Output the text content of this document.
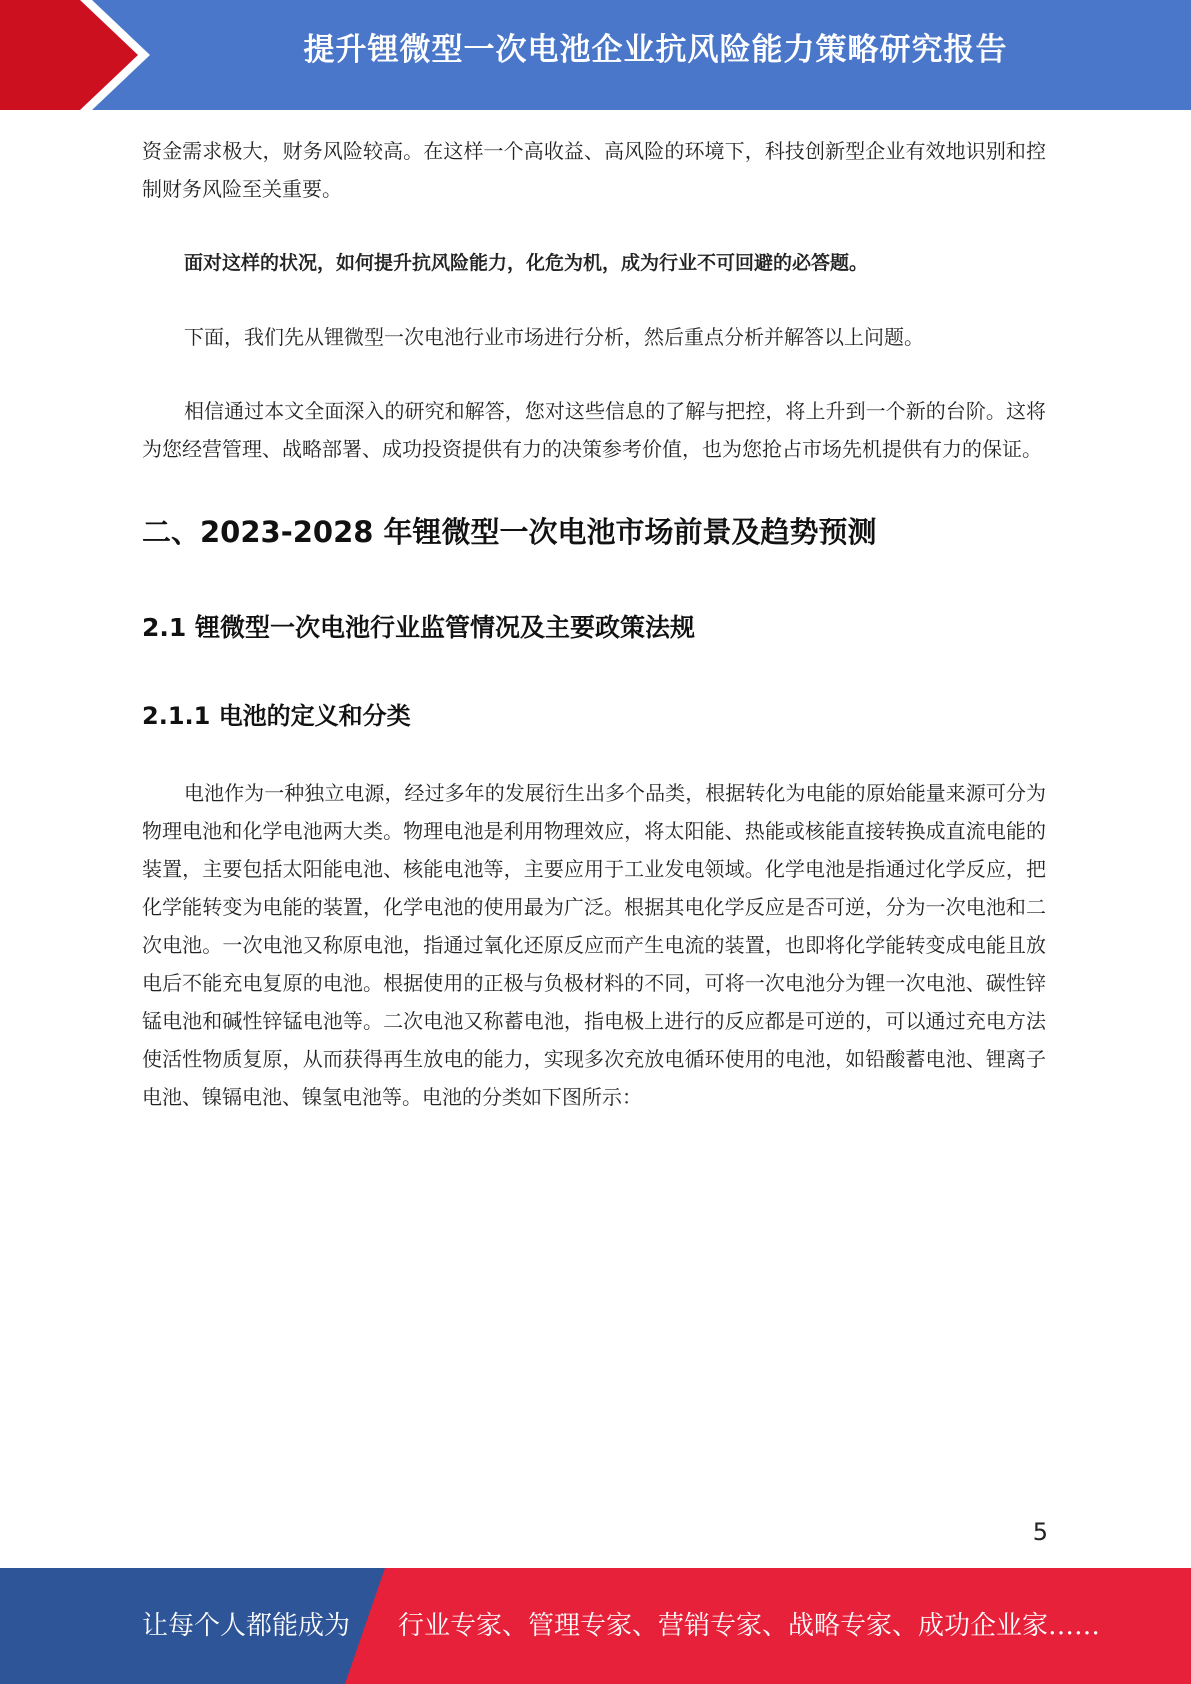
提升锂微型一次电池企业抗风险能力策略研究报告

资金需求极大，财务风险较高。在这样一个高收益、高风险的环境下，科技创新型企业有效地识别和控制财务风险至关重要。

面对这样的状况，如何提升抗风险能力，化危为机，成为行业不可回避的必答题。

下面，我们先从锂微型一次电池行业市场进行分析，然后重点分析并解答以上问题。

相信通过本文全面深入的研究和解答，您对这些信息的了解与把控，将上升到一个新的台阶。这将为您经营管理、战略部署、成功投资提供有力的决策参考价值，也为您抢占市场先机提供有力的保证。

二、2023-2028 年锂微型一次电池市场前景及趋势预测
2.1 锂微型一次电池行业监管情况及主要政策法规
2.1.1 电池的定义和分类

电池作为一种独立电源，经过多年的发展衍生出多个品类，根据转化为电能的原始能量来源可分为物理电池和化学电池两大类。物理电池是利用物理效应，将太阳能、热能或核能直接转换成直流电能的装置，主要包括太阳能电池、核能电池等，主要应用于工业发电领域。化学电池是指通过化学反应，把化学能转变为电能的装置，化学电池的使用最为广泛。根据其电化学反应是否可逆，分为一次电池和二次电池。一次电池又称原电池，指通过氧化还原反应而产生电流的装置，也即将化学能转变成电能且放电后不能充电复原的电池。根据使用的正极与负极材料的不同，可将一次电池分为锂一次电池、碳性锌锰电池和碱性锌锰电池等。二次电池又称蓄电池，指电极上进行的反应都是可逆的，可以通过充电方法使活性物质复原，从而获得再生放电的能力，实现多次充放电循环使用的电池，如铅酸蓄电池、锂离子电池、镍镉电池、镍氢电池等。电池的分类如下图所示：

5
让每个人都能成为 行业专家、管理专家、营销专家、战略专家、成功企业家……
